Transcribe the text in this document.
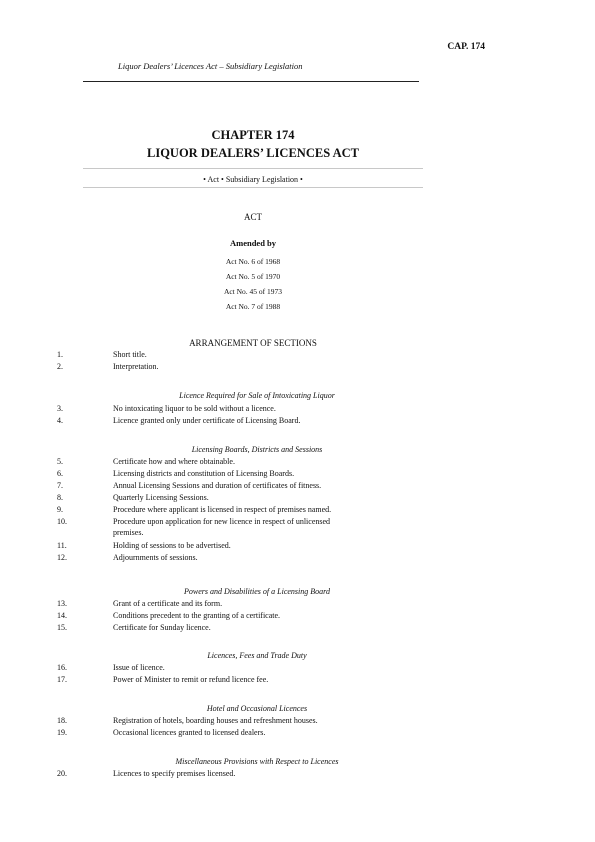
CAP. 174
Liquor Dealers’ Licences Act – Subsidiary Legislation
CHAPTER 174
LIQUOR DEALERS’ LICENCES ACT
• Act • Subsidiary Legislation •
ACT
Amended by
Act No. 6 of 1968
Act No. 5 of 1970
Act No. 45 of 1973
Act No. 7 of 1988
ARRANGEMENT OF SECTIONS
1.	Short title.
2.	Interpretation.
Licence Required for Sale of Intoxicating Liquor
3.	No intoxicating liquor to be sold without a licence.
4.	Licence granted only under certificate of Licensing Board.
Licensing Boards, Districts and Sessions
5.	Certificate how and where obtainable.
6.	Licensing districts and constitution of Licensing Boards.
7.	Annual Licensing Sessions and duration of certificates of fitness.
8.	Quarterly Licensing Sessions.
9.	Procedure where applicant is licensed in respect of premises named.
10.	Procedure upon application for new licence in respect of unlicensed
premises.
11.	Holding of sessions to be advertised.
12.	Adjournments of sessions.
Powers and Disabilities of a Licensing Board
13.	Grant of a certificate and its form.
14.	Conditions precedent to the granting of a certificate.
15.	Certificate for Sunday licence.
Licences, Fees and Trade Duty
16.	Issue of licence.
17.	Power of Minister to remit or refund licence fee.
Hotel and Occasional Licences
18.	Registration of hotels, boarding houses and refreshment houses.
19.	Occasional licences granted to licensed dealers.
Miscellaneous Provisions with Respect to Licences
20.	Licences to specify premises licensed.
